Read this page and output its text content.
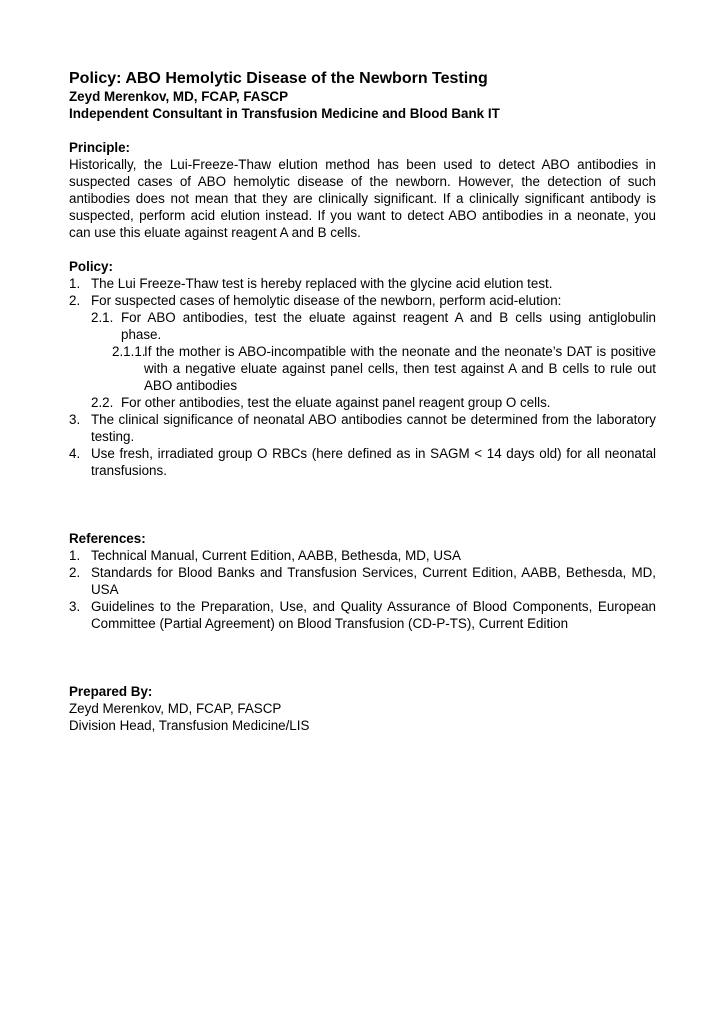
Policy: ABO Hemolytic Disease of the Newborn Testing
Zeyd Merenkov, MD, FCAP, FASCP
Independent Consultant in Transfusion Medicine and Blood Bank IT
Principle:
Historically, the Lui-Freeze-Thaw elution method has been used to detect ABO antibodies in suspected cases of ABO hemolytic disease of the newborn. However, the detection of such antibodies does not mean that they are clinically significant. If a clinically significant antibody is suspected, perform acid elution instead. If you want to detect ABO antibodies in a neonate, you can use this eluate against reagent A and B cells.
Policy:
1. The Lui Freeze-Thaw test is hereby replaced with the glycine acid elution test.
2. For suspected cases of hemolytic disease of the newborn, perform acid-elution:
2.1. For ABO antibodies, test the eluate against reagent A and B cells using antiglobulin phase.
2.1.1.
If the mother is ABO-incompatible with the neonate and the neonate’s DAT is positive with a negative eluate against panel cells, then test against A and B cells to rule out ABO antibodies
2.2. For other antibodies, test the eluate against panel reagent group O cells.
3. The clinical significance of neonatal ABO antibodies cannot be determined from the laboratory testing.
4. Use fresh, irradiated group O RBCs (here defined as in SAGM < 14 days old) for all neonatal transfusions.
References:
1. Technical Manual, Current Edition, AABB, Bethesda, MD, USA
2. Standards for Blood Banks and Transfusion Services, Current Edition, AABB, Bethesda, MD, USA
3. Guidelines to the Preparation, Use, and Quality Assurance of Blood Components, European Committee (Partial Agreement) on Blood Transfusion (CD-P-TS), Current Edition
Prepared By:
Zeyd Merenkov, MD, FCAP, FASCP
Division Head, Transfusion Medicine/LIS
